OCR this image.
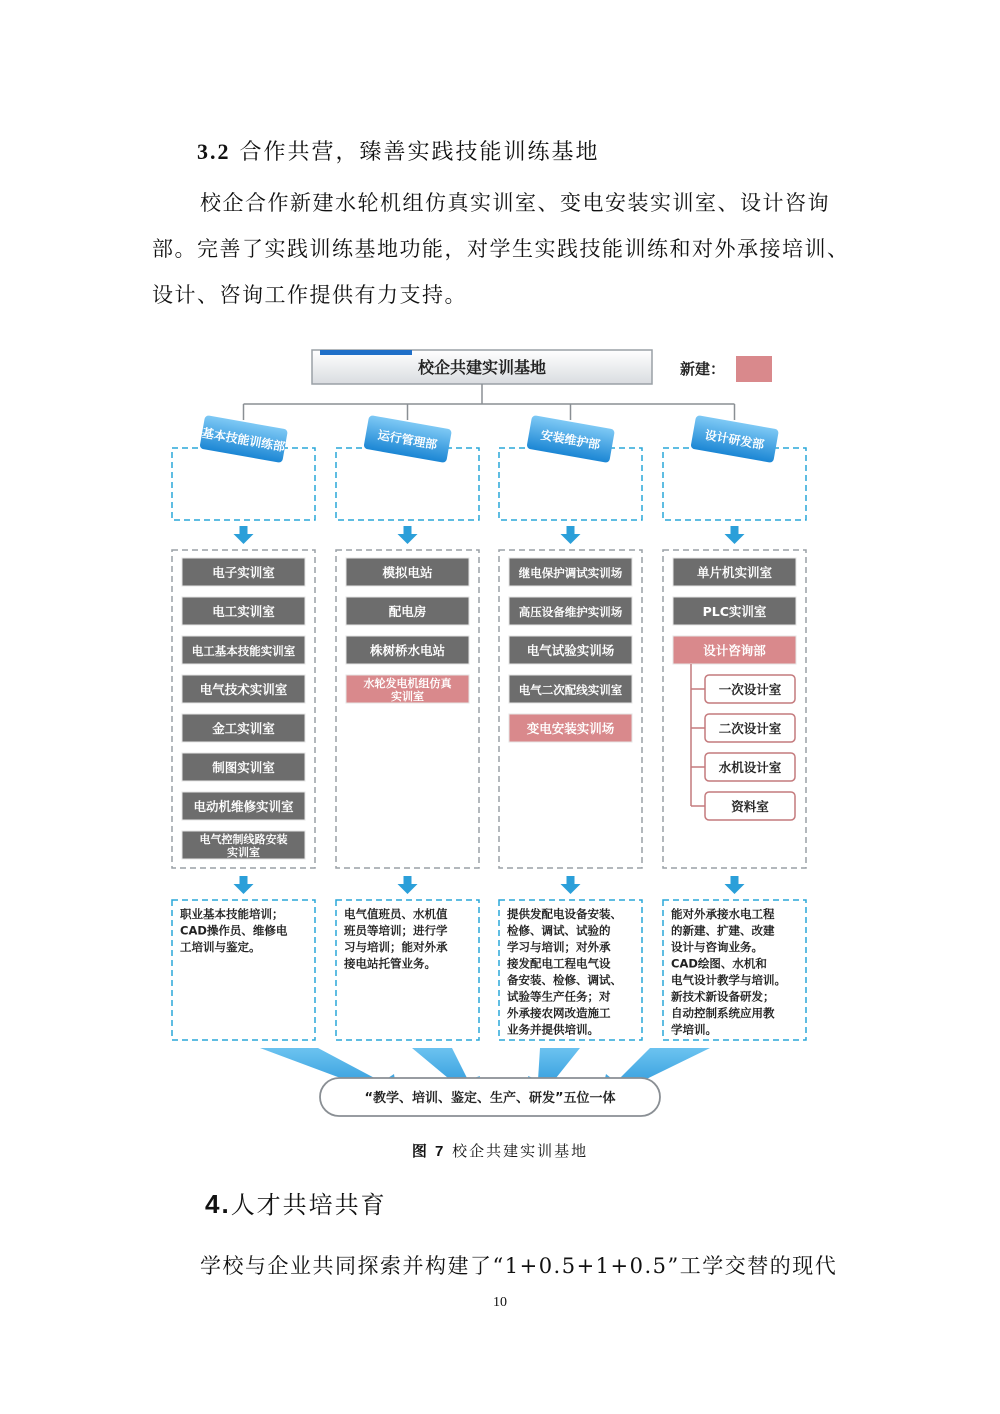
3.2 合作共营，臻善实践技能训练基地
校企合作新建水轮机组仿真实训室、变电安装实训室、设计咨询
部。完善了实践训练基地功能，对学生实践技能训练和对外承接培训、
设计、咨询工作提供有力支持。
校企共建实训基地	新建：
基本技能训练部
电子实训室
电工实训室
电工基本技能实训室
电气技术实训室
金工实训室
制图实训室
电动机维修实训室
电气控制线路安装
实训室
职业基本技能培训；
CAD操作员、维修电
工培训与鉴定。
运行管理部
模拟电站
配电房
株树桥水电站
水轮发电机组仿真
实训室
电气值班员、水机值
班员等培训；进行学
习与培训；能对外承
接电站托管业务。
安装维护部
继电保护调试实训场
高压设备维护实训场
电气试验实训场
电气二次配线实训室
变电安装实训场
提供发配电设备安装、
检修、调试、试验的
学习与培训；对外承
接发配电工程电气设
备安装、检修、调试、
试验等生产任务；对
外承接农网改造施工
业务并提供培训。
设计研发部
单片机实训室
PLC实训室
设计咨询部
一次设计室
二次设计室
水机设计室
资料室
能对外承接水电工程
的新建、扩建、改建
设计与咨询业务。
CAD绘图、水机和
电气设计教学与培训。
新技术新设备研发；
自动控制系统应用教
学培训。
“教学、培训、鉴定、生产、研发”五位一体
图 7 校企共建实训基地
4.人才共培共育
学校与企业共同探索并构建了“1+0.5+1+0.5”工学交替的现代
10
